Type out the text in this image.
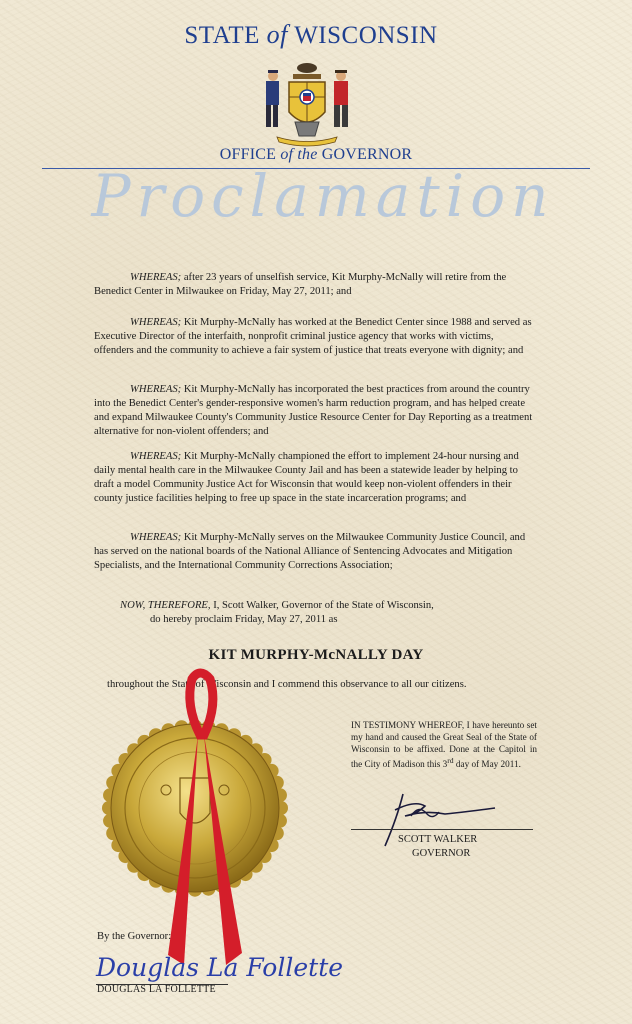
STATE of WISCONSIN
OFFICE of the GOVERNOR
Proclamation
WHEREAS; after 23 years of unselfish service, Kit Murphy-McNally will retire from the Benedict Center in Milwaukee on Friday, May 27, 2011; and
WHEREAS; Kit Murphy-McNally has worked at the Benedict Center since 1988 and served as Executive Director of the interfaith, nonprofit criminal justice agency that works with victims, offenders and the community to achieve a fair system of justice that treats everyone with dignity; and
WHEREAS; Kit Murphy-McNally has incorporated the best practices from around the country into the Benedict Center's gender-responsive women's harm reduction program, and has helped create and expand Milwaukee County's Community Justice Resource Center for Day Reporting as a treatment alternative for non-violent offenders; and
WHEREAS; Kit Murphy-McNally championed the effort to implement 24-hour nursing and daily mental health care in the Milwaukee County Jail and has been a statewide leader by helping to draft a model Community Justice Act for Wisconsin that would keep non-violent offenders in their county justice facilities helping to free up space in the state incarceration programs; and
WHEREAS; Kit Murphy-McNally serves on the Milwaukee Community Justice Council, and has served on the national boards of the National Alliance of Sentencing Advocates and Mitigation Specialists, and the International Community Corrections Association;
NOW, THEREFORE, I, Scott Walker, Governor of the State of Wisconsin,
do hereby proclaim Friday, May 27, 2011 as
KIT MURPHY-McNALLY DAY
throughout the State of Wisconsin and I commend this observance to all our citizens.
IN TESTIMONY WHEREOF, I have hereunto set my hand and caused the Great Seal of the State of Wisconsin to be affixed. Done at the Capitol in the City of Madison this 3rd day of May 2011.
SCOTT WALKER
GOVERNOR
By the Governor:
Douglas La Follette
DOUGLAS LA FOLLETTE
